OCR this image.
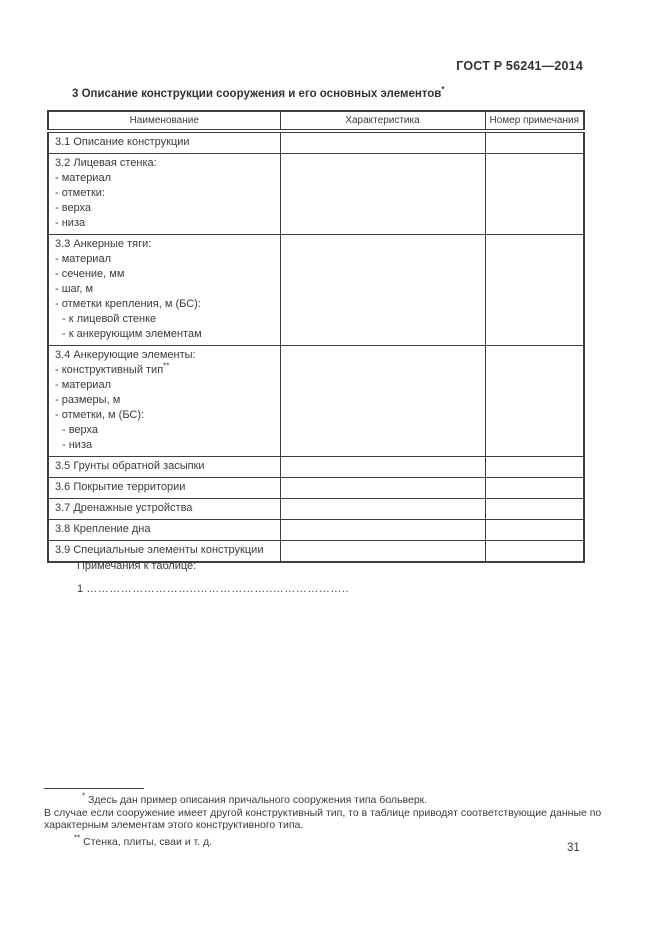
ГОСТ Р 56241—2014
3 Описание конструкции сооружения и его основных элементов*
Наименование	Характеристика	Номер примечания

3.1 Описание конструкции		

3.2 Лицевая стенка:
- материал
- отметки:
- верха
- низа		

3.3 Анкерные тяги:
- материал
- сечение, мм
- шаг, м
- отметки крепления, м (БС):
- к лицевой стенке
- к анкерующим элементам

3.4 Анкерующие элементы:
- конструктивный тип**
- материал
- размеры, м
- отметки, м (БС):
- верха
- низа

3.5 Грунты обратной засыпки		

3.6 Покрытие территории		

3.7 Дренажные устройства		

3.8 Крепление дна		

3.9 Специальные элементы конструкции		

Примечания к таблице:
1 ………………………..………………..………………..
* Здесь дан пример описания причального сооружения типа больверк.
В случае если сооружение имеет другой конструктивный тип, то в таблице приводят соответствующие данные по характерным элементам этого конструктивного типа.
** Стенка, плиты, сваи и т. д.
31
